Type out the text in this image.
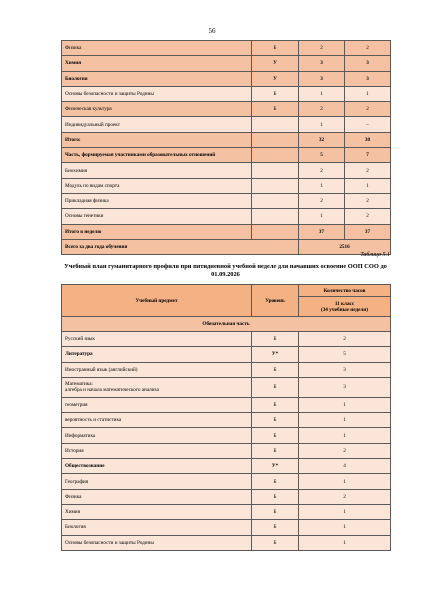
56
Физика	Б	2	2
Химия	У	3	3
Биология	У	3	3
Основы безопасности и защиты Родины	Б	1	1
Физическая культура	Б	2	2
Индивидуальный проект		1	–
Итого:		32	30
Часть, формируемая участниками образовательных отношений		5	7
Биохимия		2	2
Модуль по видам спорта		1	1
Прикладная физика		2	2
Основы генетики		1	2
Итого в неделю		37	37
Всего за два года обучения		2516	
Таблица 5.1
Учебный план гуманитарного профиля при пятидневной учебной неделе для начавших освоение ООП СОО до 01.09.2026
Учебный предмет	Уровень	Количество часов

		11 класс
(34 учебные недели)

Обязательная часть		

Русский язык	Б	2

Литература	У*	5

Иностранный язык (английский)	Б	3

Математика:
алгебра и начала математического анализа	Б	3

геометрия	Б	1

вероятность и статистика	Б	1

Информатика	Б	1

История	Б	2

Обществознание	У*	4

География	Б	1

Физика	Б	2

Химия	Б	1

Биология	Б	1

Основы безопасности и защиты Родины	Б	1
